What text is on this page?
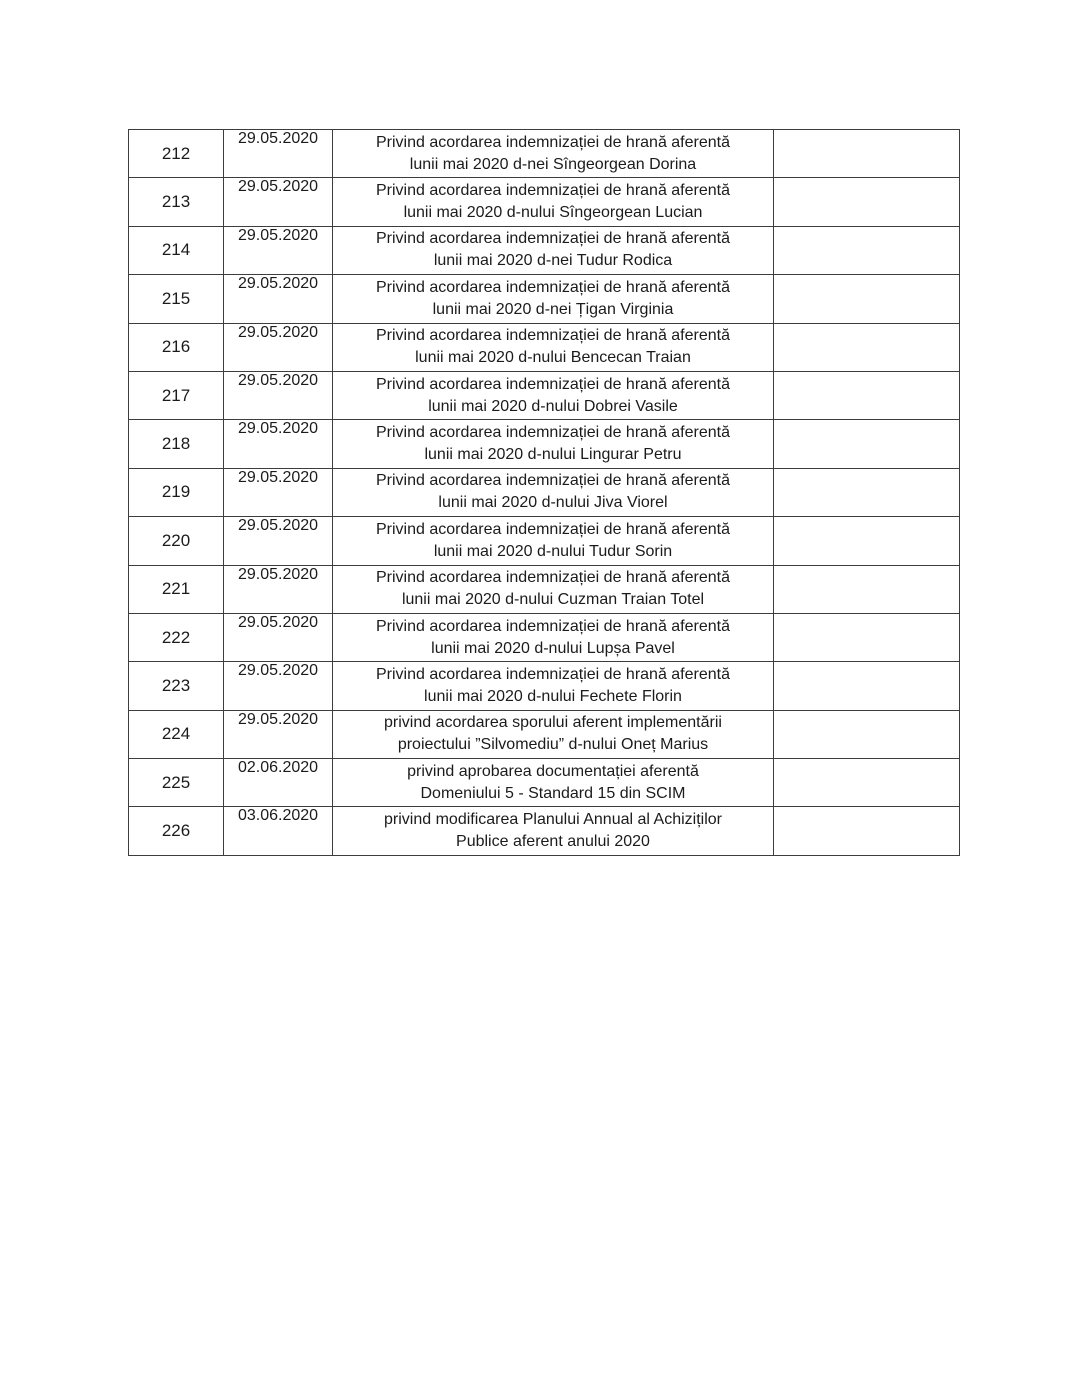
212	29.05.2020	Privind acordarea indemnizației de hrană aferentă
lunii mai 2020 d-nei Sîngeorgean Dorina	

213	29.05.2020	Privind acordarea indemnizației de hrană aferentă
lunii mai 2020 d-nului Sîngeorgean Lucian	

214	29.05.2020	Privind acordarea indemnizației de hrană aferentă
lunii mai 2020 d-nei Tudur Rodica	

215	29.05.2020	Privind acordarea indemnizației de hrană aferentă
lunii mai 2020 d-nei Țigan Virginia	

216	29.05.2020	Privind acordarea indemnizației de hrană aferentă
lunii mai 2020 d-nului Bencecan Traian	

217	29.05.2020	Privind acordarea indemnizației de hrană aferentă
lunii mai 2020 d-nului Dobrei Vasile	

218	29.05.2020	Privind acordarea indemnizației de hrană aferentă
lunii mai 2020 d-nului Lingurar Petru	

219	29.05.2020	Privind acordarea indemnizației de hrană aferentă
lunii mai 2020 d-nului Jiva Viorel	

220	29.05.2020	Privind acordarea indemnizației de hrană aferentă
lunii mai 2020 d-nului Tudur Sorin	

221	29.05.2020	Privind acordarea indemnizației de hrană aferentă
lunii mai 2020 d-nului Cuzman Traian Totel	

222	29.05.2020	Privind acordarea indemnizației de hrană aferentă
lunii mai 2020 d-nului Lupșa Pavel	

223	29.05.2020	Privind acordarea indemnizației de hrană aferentă
lunii mai 2020 d-nului Fechete Florin	

224	29.05.2020	privind acordarea sporului aferent implementării
proiectului ”Silvomediu” d-nului Oneț Marius	

225	02.06.2020	privind aprobarea documentației aferentă
Domeniului 5 - Standard 15 din SCIM	

226	03.06.2020	privind modificarea Planului Annual al Achiziților
Publice aferent anului 2020	
